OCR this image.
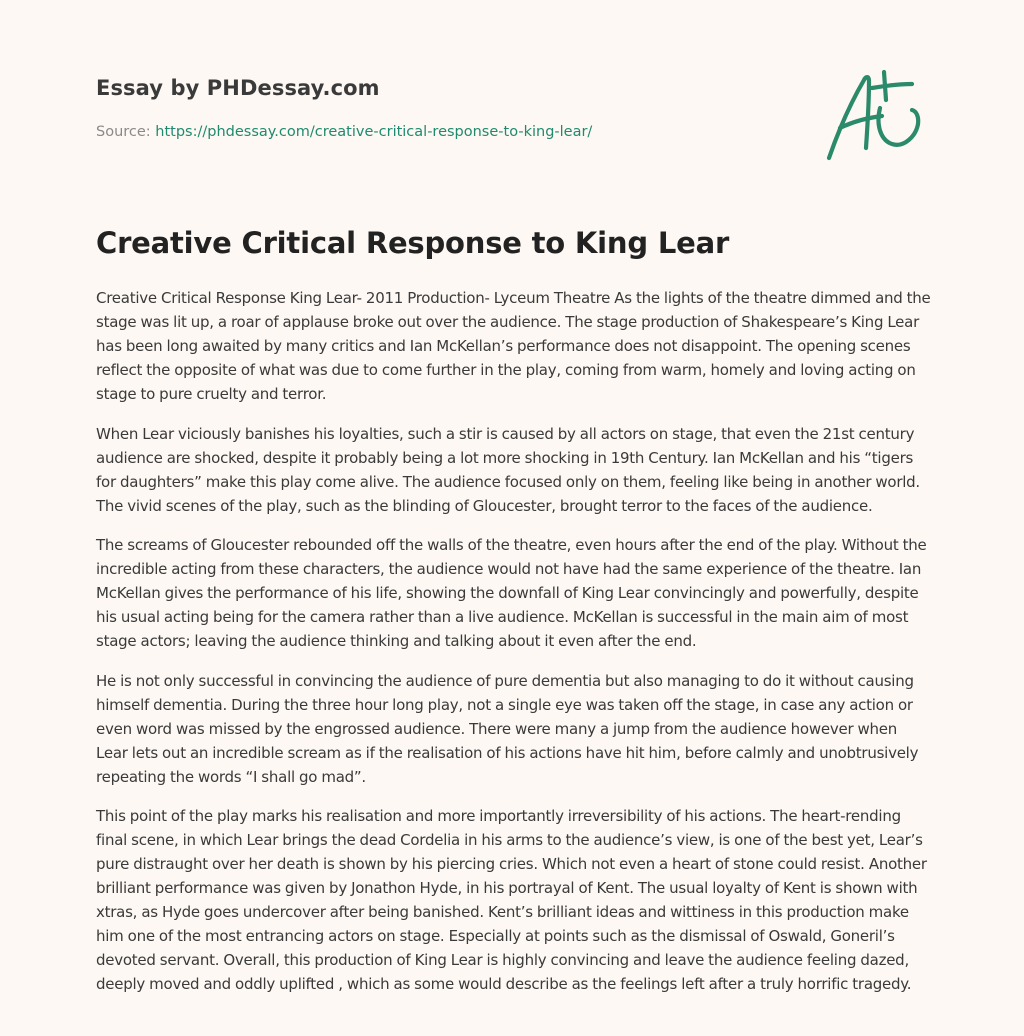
Essay by PHDessay.com
Source: https://phdessay.com/creative-critical-response-to-king-lear/
Creative Critical Response to King Lear

Creative Critical Response King Lear- 2011 Production- Lyceum Theatre As the lights of the theatre dimmed and the stage was lit up, a roar of applause broke out over the audience. The stage production of Shakespeare’s King Lear has been long awaited by many critics and Ian McKellan’s performance does not disappoint. The opening scenes reflect the opposite of what was due to come further in the play, coming from warm, homely and loving acting on stage to pure cruelty and terror.

When Lear viciously banishes his loyalties, such a stir is caused by all actors on stage, that even the 21st century audience are shocked, despite it probably being a lot more shocking in 19th Century. Ian McKellan and his “tigers for daughters” make this play come alive. The audience focused only on them, feeling like being in another world. The vivid scenes of the play, such as the blinding of Gloucester, brought terror to the faces of the audience.

The screams of Gloucester rebounded off the walls of the theatre, even hours after the end of the play. Without the incredible acting from these characters, the audience would not have had the same experience of the theatre. Ian McKellan gives the performance of his life, showing the downfall of King Lear convincingly and powerfully, despite his usual acting being for the camera rather than a live audience. McKellan is successful in the main aim of most stage actors; leaving the audience thinking and talking about it even after the end.

He is not only successful in convincing the audience of pure dementia but also managing to do it without causing himself dementia. During the three hour long play, not a single eye was taken off the stage, in case any action or even word was missed by the engrossed audience. There were many a jump from the audience however when Lear lets out an incredible scream as if the realisation of his actions have hit him, before calmly and unobtrusively repeating the words “I shall go mad”.

This point of the play marks his realisation and more importantly irreversibility of his actions. The heart-rending final scene, in which Lear brings the dead Cordelia in his arms to the audience’s view, is one of the best yet, Lear’s pure distraught over her death is shown by his piercing cries. Which not even a heart of stone could resist. Another brilliant performance was given by Jonathon Hyde, in his portrayal of Kent. The usual loyalty of Kent is shown with xtras, as Hyde goes undercover after being banished. Kent’s brilliant ideas and wittiness in this production make him one of the most entrancing actors on stage. Especially at points such as the dismissal of Oswald, Goneril’s devoted servant. Overall, this production of King Lear is highly convincing and leave the audience feeling dazed, deeply moved and oddly uplifted , which as some would describe as the feelings left after a truly horrific tragedy.
